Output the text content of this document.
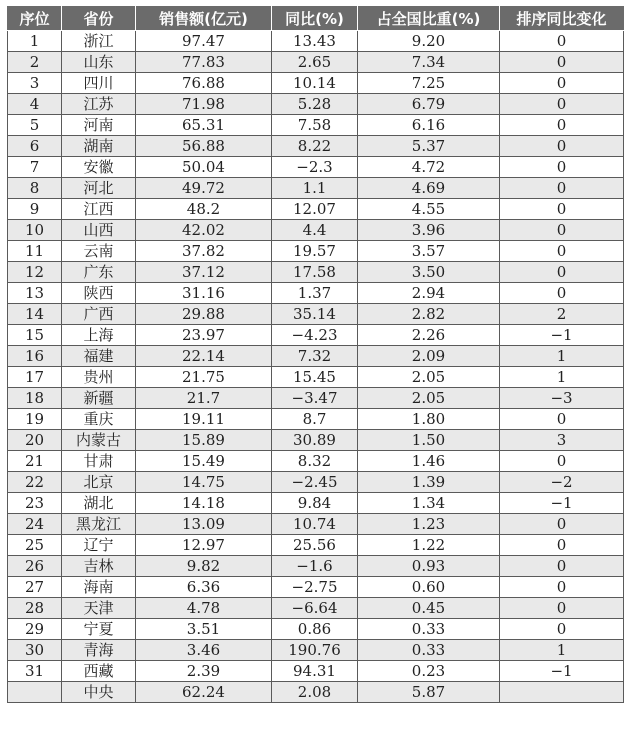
序位	省份	销售额(亿元)	同比(%)	占全国比重(%)	排序同比变化
1	浙江	97.47	13.43	9.20	0
2	山东	77.83	2.65	7.34	0
3	四川	76.88	10.14	7.25	0
4	江苏	71.98	5.28	6.79	0
5	河南	65.31	7.58	6.16	0
6	湖南	56.88	8.22	5.37	0
7	安徽	50.04	−2.3	4.72	0
8	河北	49.72	1.1	4.69	0
9	江西	48.2	12.07	4.55	0
10	山西	42.02	4.4	3.96	0
11	云南	37.82	19.57	3.57	0
12	广东	37.12	17.58	3.50	0
13	陕西	31.16	1.37	2.94	0
14	广西	29.88	35.14	2.82	2
15	上海	23.97	−4.23	2.26	−1
16	福建	22.14	7.32	2.09	1
17	贵州	21.75	15.45	2.05	1
18	新疆	21.7	−3.47	2.05	−3
19	重庆	19.11	8.7	1.80	0
20	内蒙古	15.89	30.89	1.50	3
21	甘肃	15.49	8.32	1.46	0
22	北京	14.75	−2.45	1.39	−2
23	湖北	14.18	9.84	1.34	−1
24	黑龙江	13.09	10.74	1.23	0
25	辽宁	12.97	25.56	1.22	0
26	吉林	9.82	−1.6	0.93	0
27	海南	6.36	−2.75	0.60	0
28	天津	4.78	−6.64	0.45	0
29	宁夏	3.51	0.86	0.33	0
30	青海	3.46	190.76	0.33	1
31	西藏	2.39	94.31	0.23	−1
	中央	62.24	2.08	5.87	
